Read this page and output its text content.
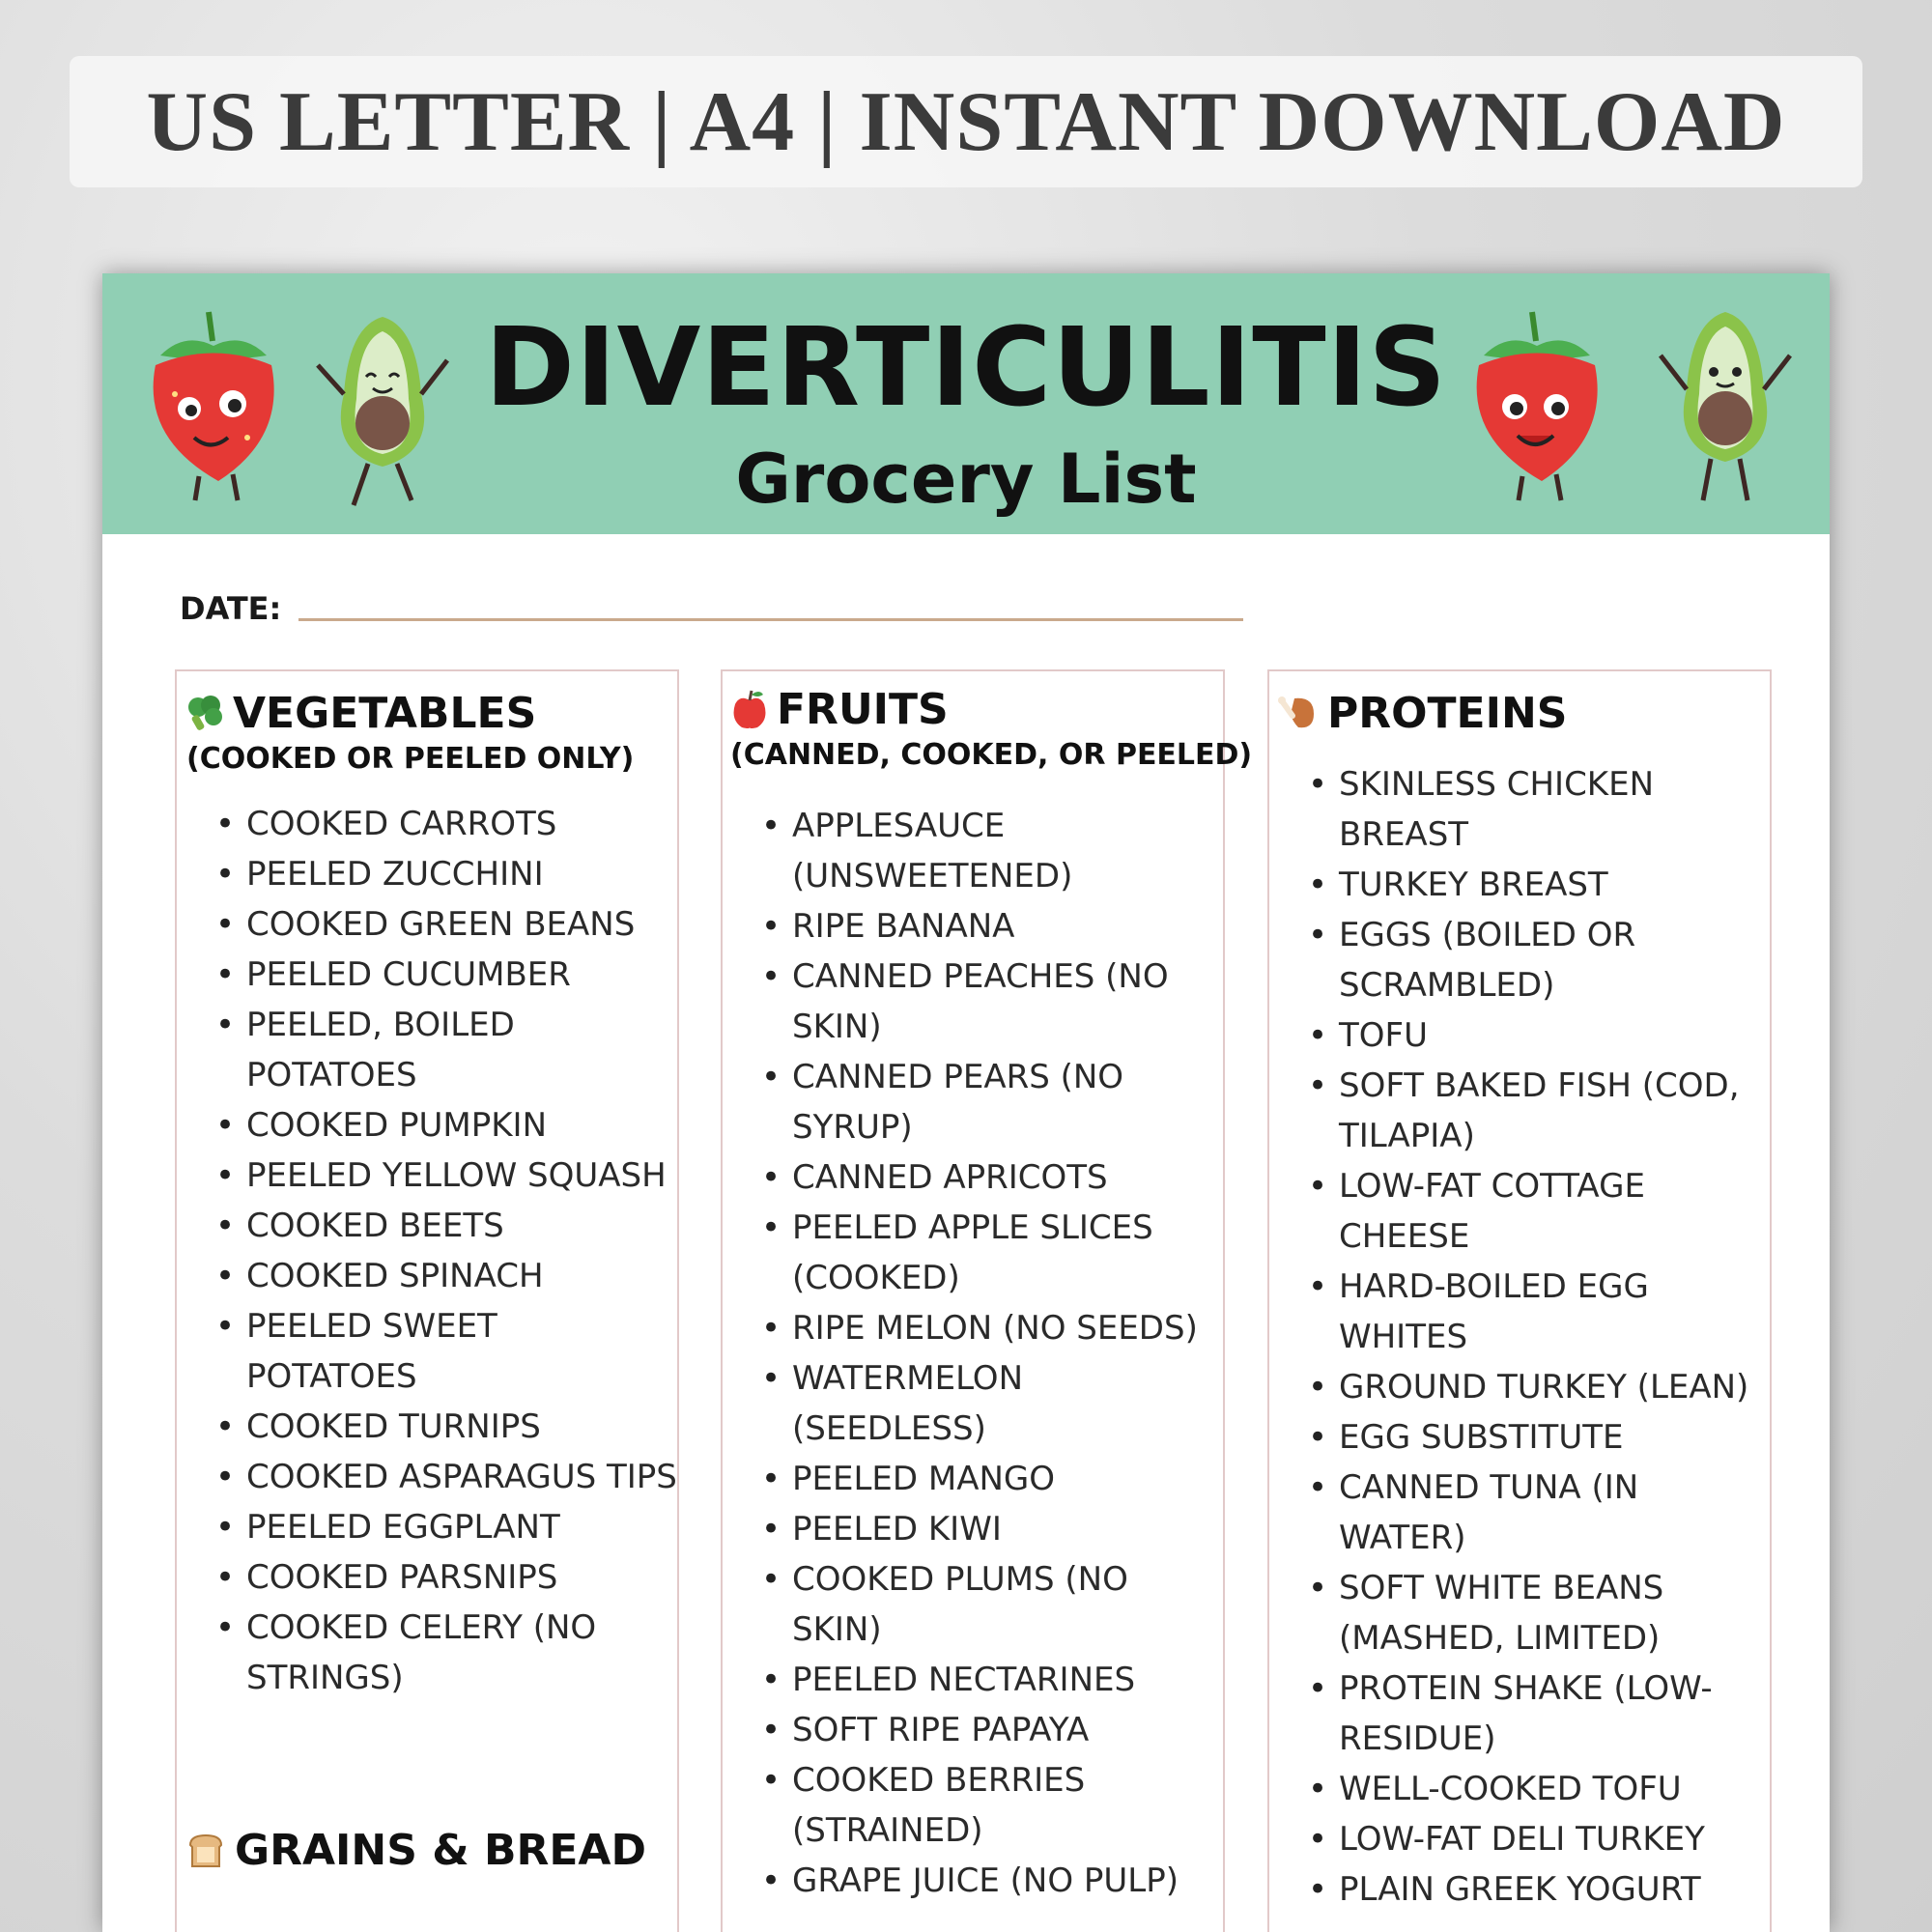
US LETTER | A4 | INSTANT DOWNLOAD
DIVERTICULITIS
Grocery List
DATE:
VEGETABLES
(COOKED OR PEELED ONLY)
• COOKED CARROTS
• PEELED ZUCCHINI
• COOKED GREEN BEANS
• PEELED CUCUMBER
• PEELED, BOILED POTATOES
• COOKED PUMPKIN
• PEELED YELLOW SQUASH
• COOKED BEETS
• COOKED SPINACH
• PEELED SWEET POTATOES
• COOKED TURNIPS
• COOKED ASPARAGUS TIPS
• PEELED EGGPLANT
• COOKED PARSNIPS
• COOKED CELERY (NO STRINGS)
GRAINS & BREAD
FRUITS
(CANNED, COOKED, OR PEELED)
• APPLESAUCE (UNSWEETENED)
• RIPE BANANA
• CANNED PEACHES (NO SKIN)
• CANNED PEARS (NO SYRUP)
• CANNED APRICOTS
• PEELED APPLE SLICES (COOKED)
• RIPE MELON (NO SEEDS)
• WATERMELON (SEEDLESS)
• PEELED MANGO
• PEELED KIWI
• COOKED PLUMS (NO SKIN)
• PEELED NECTARINES
• SOFT RIPE PAPAYA
• COOKED BERRIES (STRAINED)
• GRAPE JUICE (NO PULP)
PROTEINS
• SKINLESS CHICKEN BREAST
• TURKEY BREAST
• EGGS (BOILED OR SCRAMBLED)
• TOFU
• SOFT BAKED FISH (COD, TILAPIA)
• LOW-FAT COTTAGE CHEESE
• HARD-BOILED EGG WHITES
• GROUND TURKEY (LEAN)
• EGG SUBSTITUTE
• CANNED TUNA (IN WATER)
• SOFT WHITE BEANS (MASHED, LIMITED)
• PROTEIN SHAKE (LOW-RESIDUE)
• WELL-COOKED TOFU
• LOW-FAT DELI TURKEY
• PLAIN GREEK YOGURT
